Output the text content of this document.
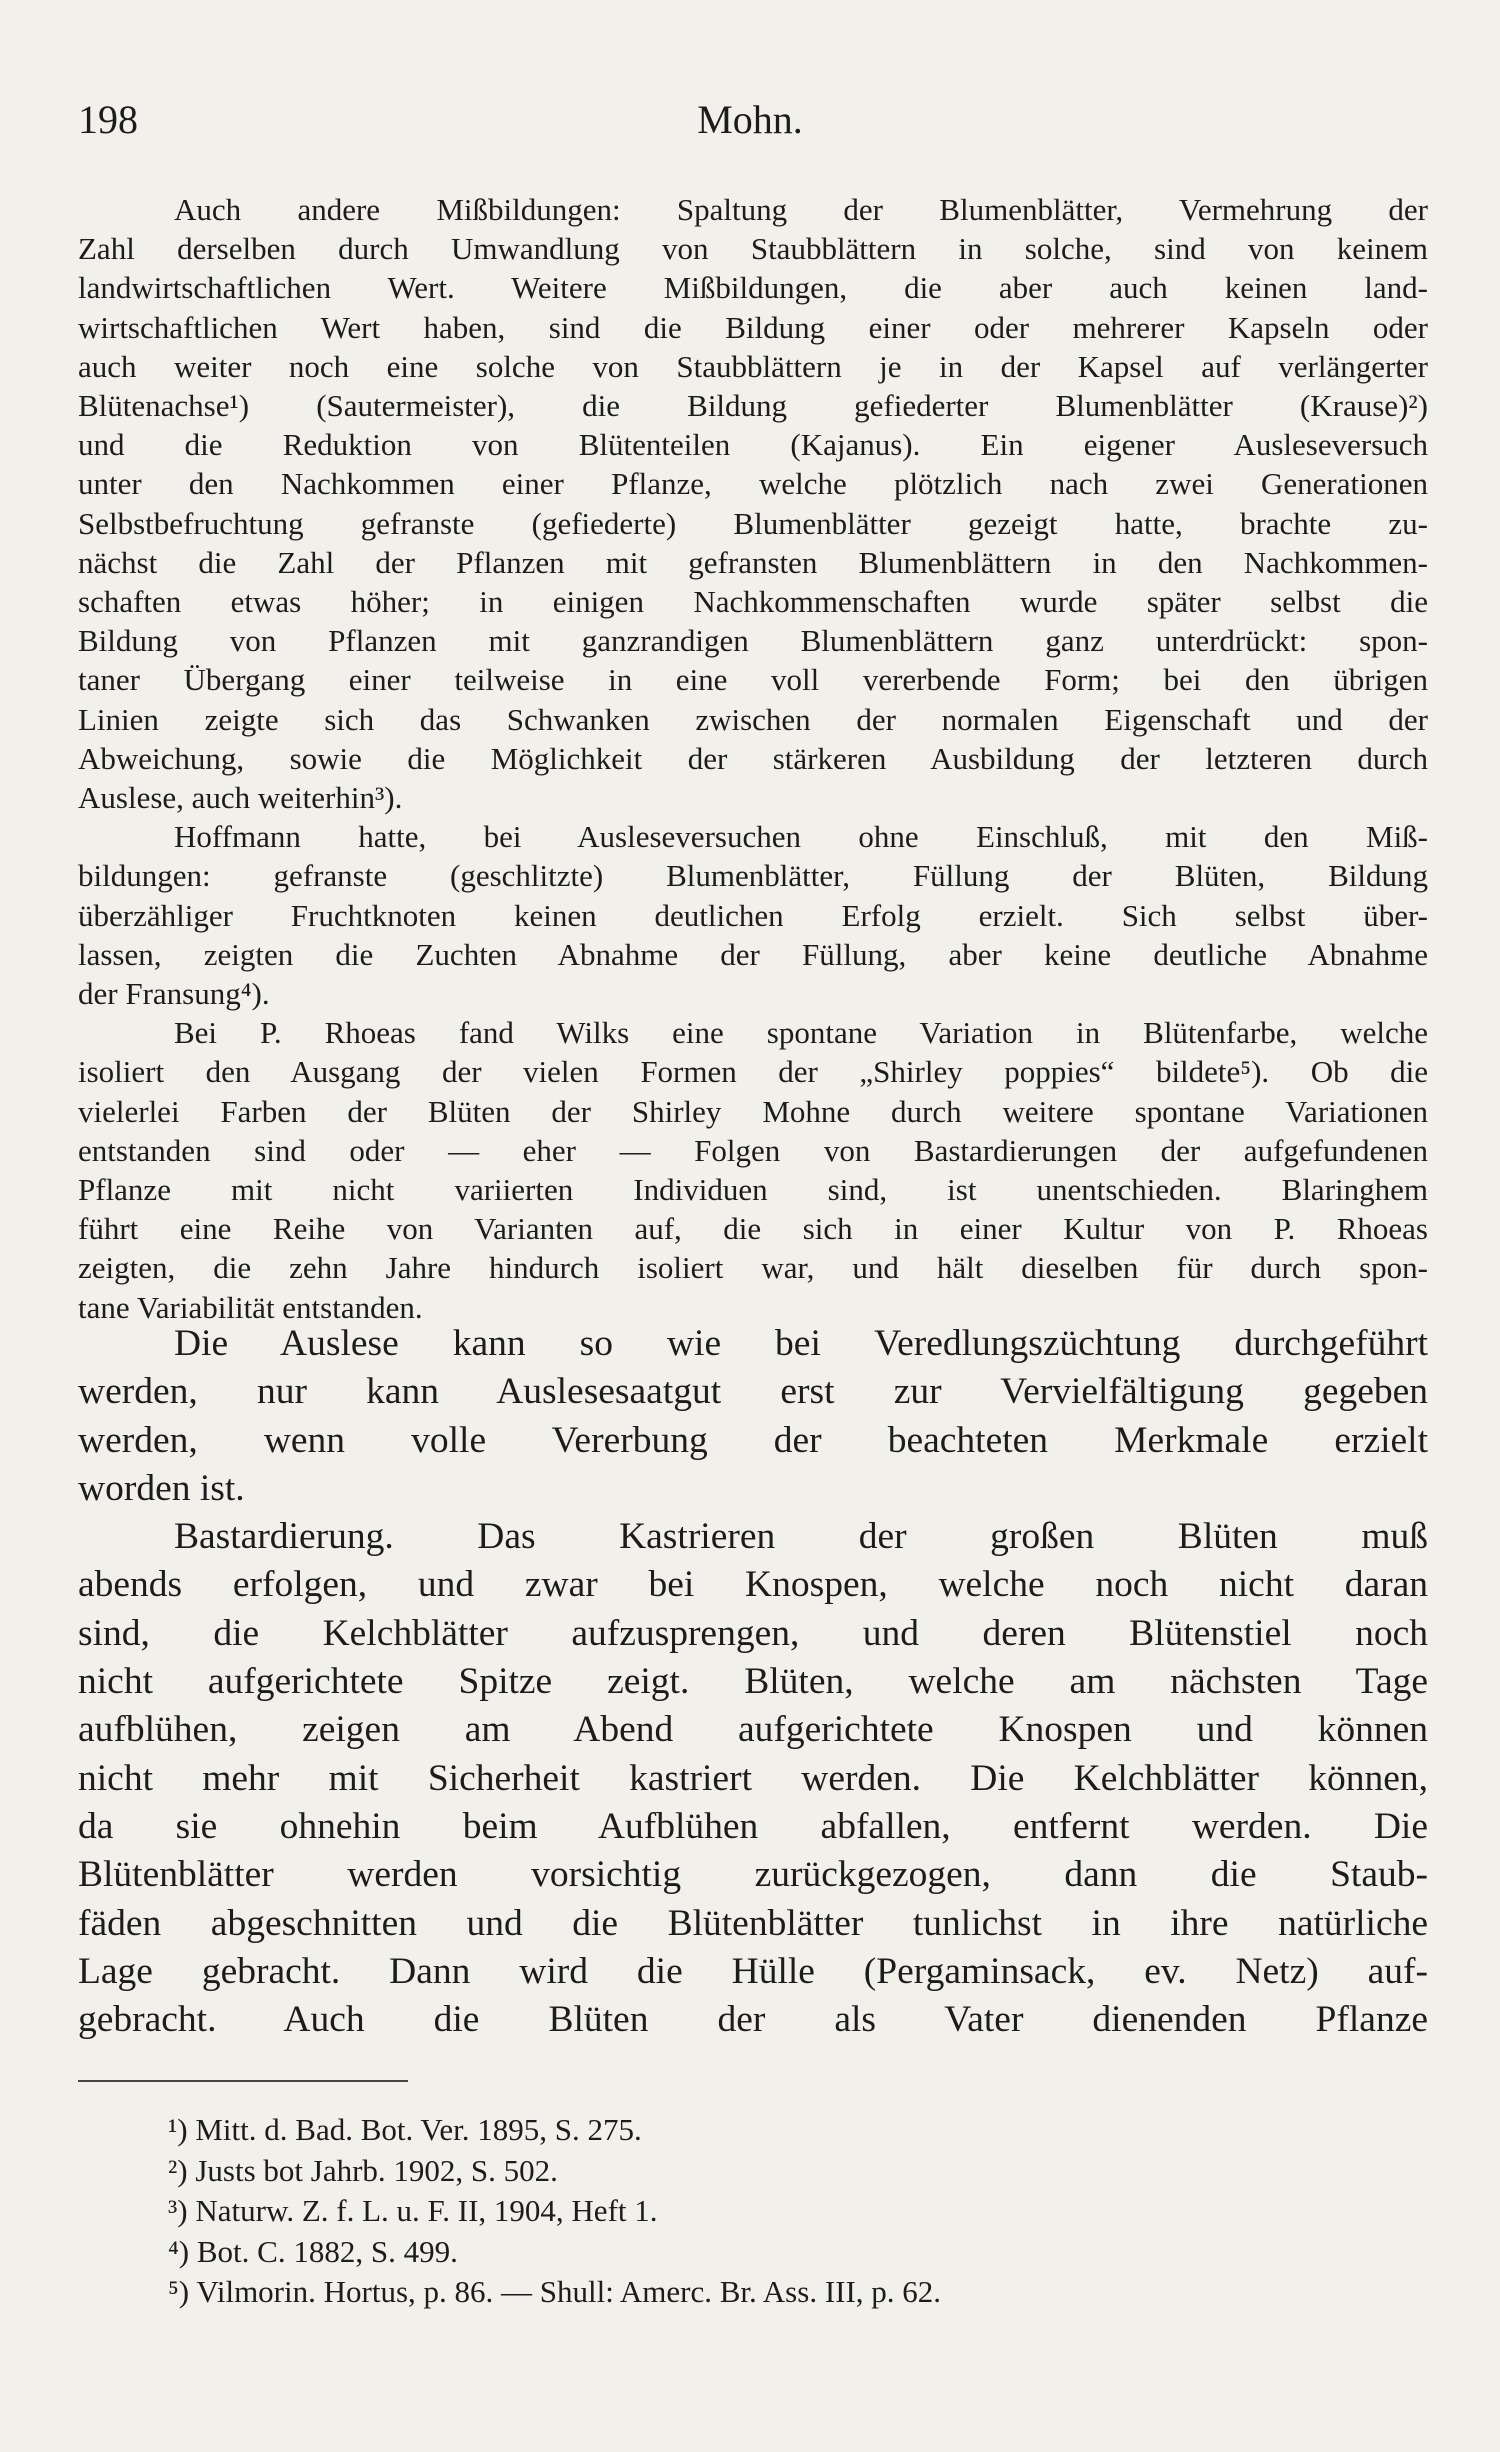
Mohn.
198
Auch andere Mißbildungen: Spaltung der Blumenblätter, Vermehrung der
Zahl derselben durch Umwandlung von Staubblättern in solche, sind von keinem
landwirtschaftlichen Wert. Weitere Mißbildungen, die aber auch keinen land-
wirtschaftlichen Wert haben, sind die Bildung einer oder mehrerer Kapseln oder
auch weiter noch eine solche von Staubblättern je in der Kapsel auf verlängerter
Blütenachse¹) (Sautermeister), die Bildung gefiederter Blumenblätter (Krause)²)
und die Reduktion von Blütenteilen (Kajanus). Ein eigener Ausleseversuch
unter den Nachkommen einer Pflanze, welche plötzlich nach zwei Generationen
Selbstbefruchtung gefranste (gefiederte) Blumenblätter gezeigt hatte, brachte zu-
nächst die Zahl der Pflanzen mit gefransten Blumenblättern in den Nachkommen-
schaften etwas höher; in einigen Nachkommenschaften wurde später selbst die
Bildung von Pflanzen mit ganzrandigen Blumenblättern ganz unterdrückt: spon-
taner Übergang einer teilweise in eine voll vererbende Form; bei den übrigen
Linien zeigte sich das Schwanken zwischen der normalen Eigenschaft und der
Abweichung, sowie die Möglichkeit der stärkeren Ausbildung der letzteren durch
Auslese, auch weiterhin³).
Hoffmann hatte, bei Ausleseversuchen ohne Einschluß, mit den Miß-
bildungen: gefranste (geschlitzte) Blumenblätter, Füllung der Blüten, Bildung
überzähliger Fruchtknoten keinen deutlichen Erfolg erzielt. Sich selbst über-
lassen, zeigten die Zuchten Abnahme der Füllung, aber keine deutliche Abnahme
der Fransung⁴).
Bei P. Rhoeas fand Wilks eine spontane Variation in Blütenfarbe, welche
isoliert den Ausgang der vielen Formen der „Shirley poppies“ bildete⁵). Ob die
vielerlei Farben der Blüten der Shirley Mohne durch weitere spontane Variationen
entstanden sind oder — eher — Folgen von Bastardierungen der aufgefundenen
Pflanze mit nicht variierten Individuen sind, ist unentschieden. Blaringhem
führt eine Reihe von Varianten auf, die sich in einer Kultur von P. Rhoeas
zeigten, die zehn Jahre hindurch isoliert war, und hält dieselben für durch spon-
tane Variabilität entstanden.
Die Auslese kann so wie bei Veredlungszüchtung durchgeführt
werden, nur kann Auslesesaatgut erst zur Vervielfältigung gegeben
werden, wenn volle Vererbung der beachteten Merkmale erzielt
worden ist.
Bastardierung. Das Kastrieren der großen Blüten muß
abends erfolgen, und zwar bei Knospen, welche noch nicht daran
sind, die Kelchblätter aufzusprengen, und deren Blütenstiel noch
nicht aufgerichtete Spitze zeigt. Blüten, welche am nächsten Tage
aufblühen, zeigen am Abend aufgerichtete Knospen und können
nicht mehr mit Sicherheit kastriert werden. Die Kelchblätter können,
da sie ohnehin beim Aufblühen abfallen, entfernt werden. Die
Blütenblätter werden vorsichtig zurückgezogen, dann die Staub-
fäden abgeschnitten und die Blütenblätter tunlichst in ihre natürliche
Lage gebracht. Dann wird die Hülle (Pergaminsack, ev. Netz) auf-
gebracht. Auch die Blüten der als Vater dienenden Pflanze
¹) Mitt. d. Bad. Bot. Ver. 1895, S. 275.
²) Justs bot Jahrb. 1902, S. 502.
³) Naturw. Z. f. L. u. F. II, 1904, Heft 1.
⁴) Bot. C. 1882, S. 499.
⁵) Vilmorin. Hortus, p. 86. — Shull: Amerc. Br. Ass. III, p. 62.
